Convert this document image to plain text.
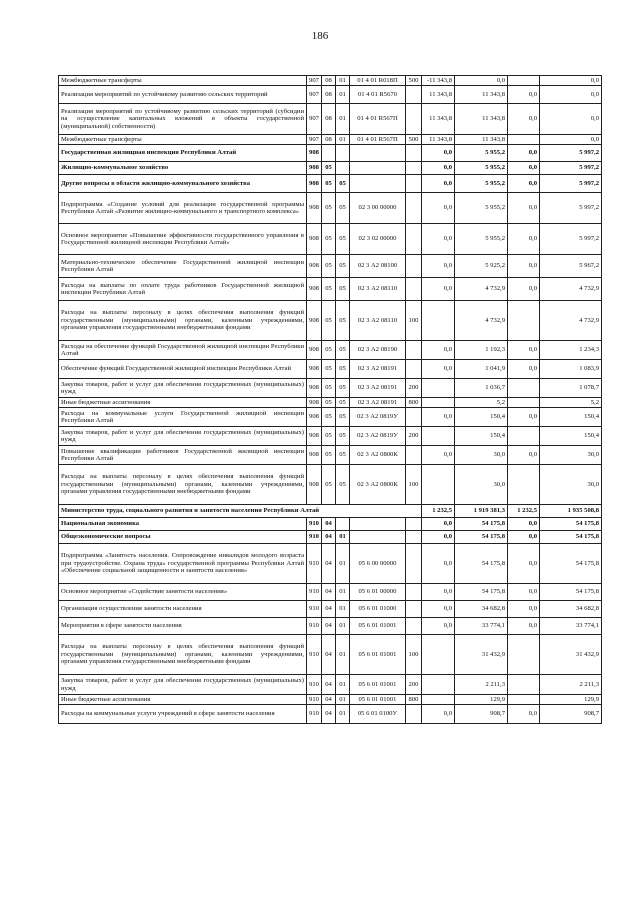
186
Межбюджетные трансферты	907	08	01	01 4 01 R018П	500	-11 343,8	0,0		0,0
Реализация мероприятий по устойчивому развитию сельских территорий	907	08	01	01 4 01 R5670		11 343,8	11 343,8	0,0	0,0
Реализация мероприятий по устойчивому развитию сельских территорий (субсидии на осуществление капитальных вложений в объекты государственной (муниципальной) собственности)	907	08	01	01 4 01 R567П		11 343,8	11 343,8	0,0	0,0
Межбюджетные трансферты	907	08	01	01 4 01 R567П	500	11 343,8	11 343,8		0,0
Государственная жилищная инспекция Республики Алтай	908					0,0	5 955,2	0,0	5 997,2
Жилищно-коммунальное хозяйство	908	05				0,0	5 955,2	0,0	5 997,2
Другие вопросы в области жилищно-коммунального хозяйства	908	05	05			0,0	5 955,2	0,0	5 997,2
Подпрограмма «Создание условий для реализации государственной программы Республики Алтай «Развитие жилищно-коммунального и транспортного комплекса»	908	05	05	02 3 00 00000		0,0	5 955,2	0,0	5 997,2
Основное мероприятие «Повышение эффективности государственного управления в Государственной жилищной инспекции Республики Алтай»	908	05	05	02 3 02 00000		0,0	5 955,2	0,0	5 997,2
Материально-техническое обеспечение Государственной жилищной инспекции Республики Алтай	908	05	05	02 3 А2 08100		0,0	5 925,2	0,0	5 967,2
Расходы на выплаты по оплате труда работников Государственной жилищной инспекции Республики Алтай	908	05	05	02 3 А2 08110		0,0	4 732,9	0,0	4 732,9
Расходы на выплаты персоналу в целях обеспечения выполнения функций государственными (муниципальными) органами, казенными учреждениями, органами управления государственными внебюджетными фондами	908	05	05	02 3 А2 08110	100		4 732,9		4 732,9
Расходы на обеспечение функций Государственной жилищной инспекции Республики Алтай	908	05	05	02 3 А2 08190		0,0	1 192,3	0,0	1 234,3
Обеспечение функций Государственной жилищной инспекции Республики Алтай	908	05	05	02 3 А2 08191		0,0	1 041,9	0,0	1 083,9
Закупка товаров, работ и услуг для обеспечения государственных (муниципальных) нужд	908	05	05	02 3 А2 08191	200		1 036,7		1 078,7
Иные бюджетные ассигнования	908	05	05	02 3 А2 08191	800		5,2		5,2
Расходы на коммунальные услуги Государственной жилищной инспекции Республики Алтай	908	05	05	02 3 А2 0819У		0,0	150,4	0,0	150,4
Закупка товаров, работ и услуг для обеспечения государственных (муниципальных) нужд	908	05	05	02 3 А2 0819У	200		150,4		150,4
Повышение квалификации работников Государственной жилищной инспекции Республики Алтай	908	05	05	02 3 А2 0800К		0,0	30,0	0,0	30,0
Расходы на выплаты персоналу в целях обеспечения выполнения функций государственными (муниципальными) органами, казенными учреждениями, органами управления государственными внебюджетными фондами	908	05	05	02 3 А2 0800К	100		30,0		30,0
Министерство труда, социального развития и занятости населения Республики Алтай						1 232,5	1 919 381,3	1 232,5	1 935 508,8
Национальная экономика	910	04				0,0	54 175,8	0,0	54 175,8
Общеэкономические вопросы	910	04	01			0,0	54 175,8	0,0	54 175,8
Подпрограмма «Занятость населения. Сопровождение инвалидов молодого возраста при трудоустройстве. Охрана труда» государственной программы Республики Алтай «Обеспечение социальной защищенности и занятости населения»	910	04	01	05 6 00 00000		0,0	54 175,8	0,0	54 175,8
Основное мероприятие «Содействие занятости населения»	910	04	01	05 6 01 00000		0,0	54 175,8	0,0	54 175,8
Организация осуществления занятости населения	910	04	01	05 6 01 01000		0,0	34 682,8	0,0	34 682,8
Мероприятия в сфере занятости населения	910	04	01	05 6 01 01001		0,0	33 774,1	0,0	33 774,1
Расходы на выплаты персоналу в целях обеспечения выполнения функций государственными (муниципальными) органами, казенными учреждениями, органами управления государственными внебюджетными фондами	910	04	01	05 6 01 01001	100		31 432,9		31 432,9
Закупка товаров, работ и услуг для обеспечения государственных (муниципальных) нужд	910	04	01	05 6 01 01001	200		2 211,3		2 211,3
Иные бюджетные ассигнования	910	04	01	05 6 01 01001	800		129,9		129,9
Расходы на коммунальные услуги учреждений в сфере занятости населения	910	04	01	05 6 01 0100У		0,0	908,7	0,0	908,7
